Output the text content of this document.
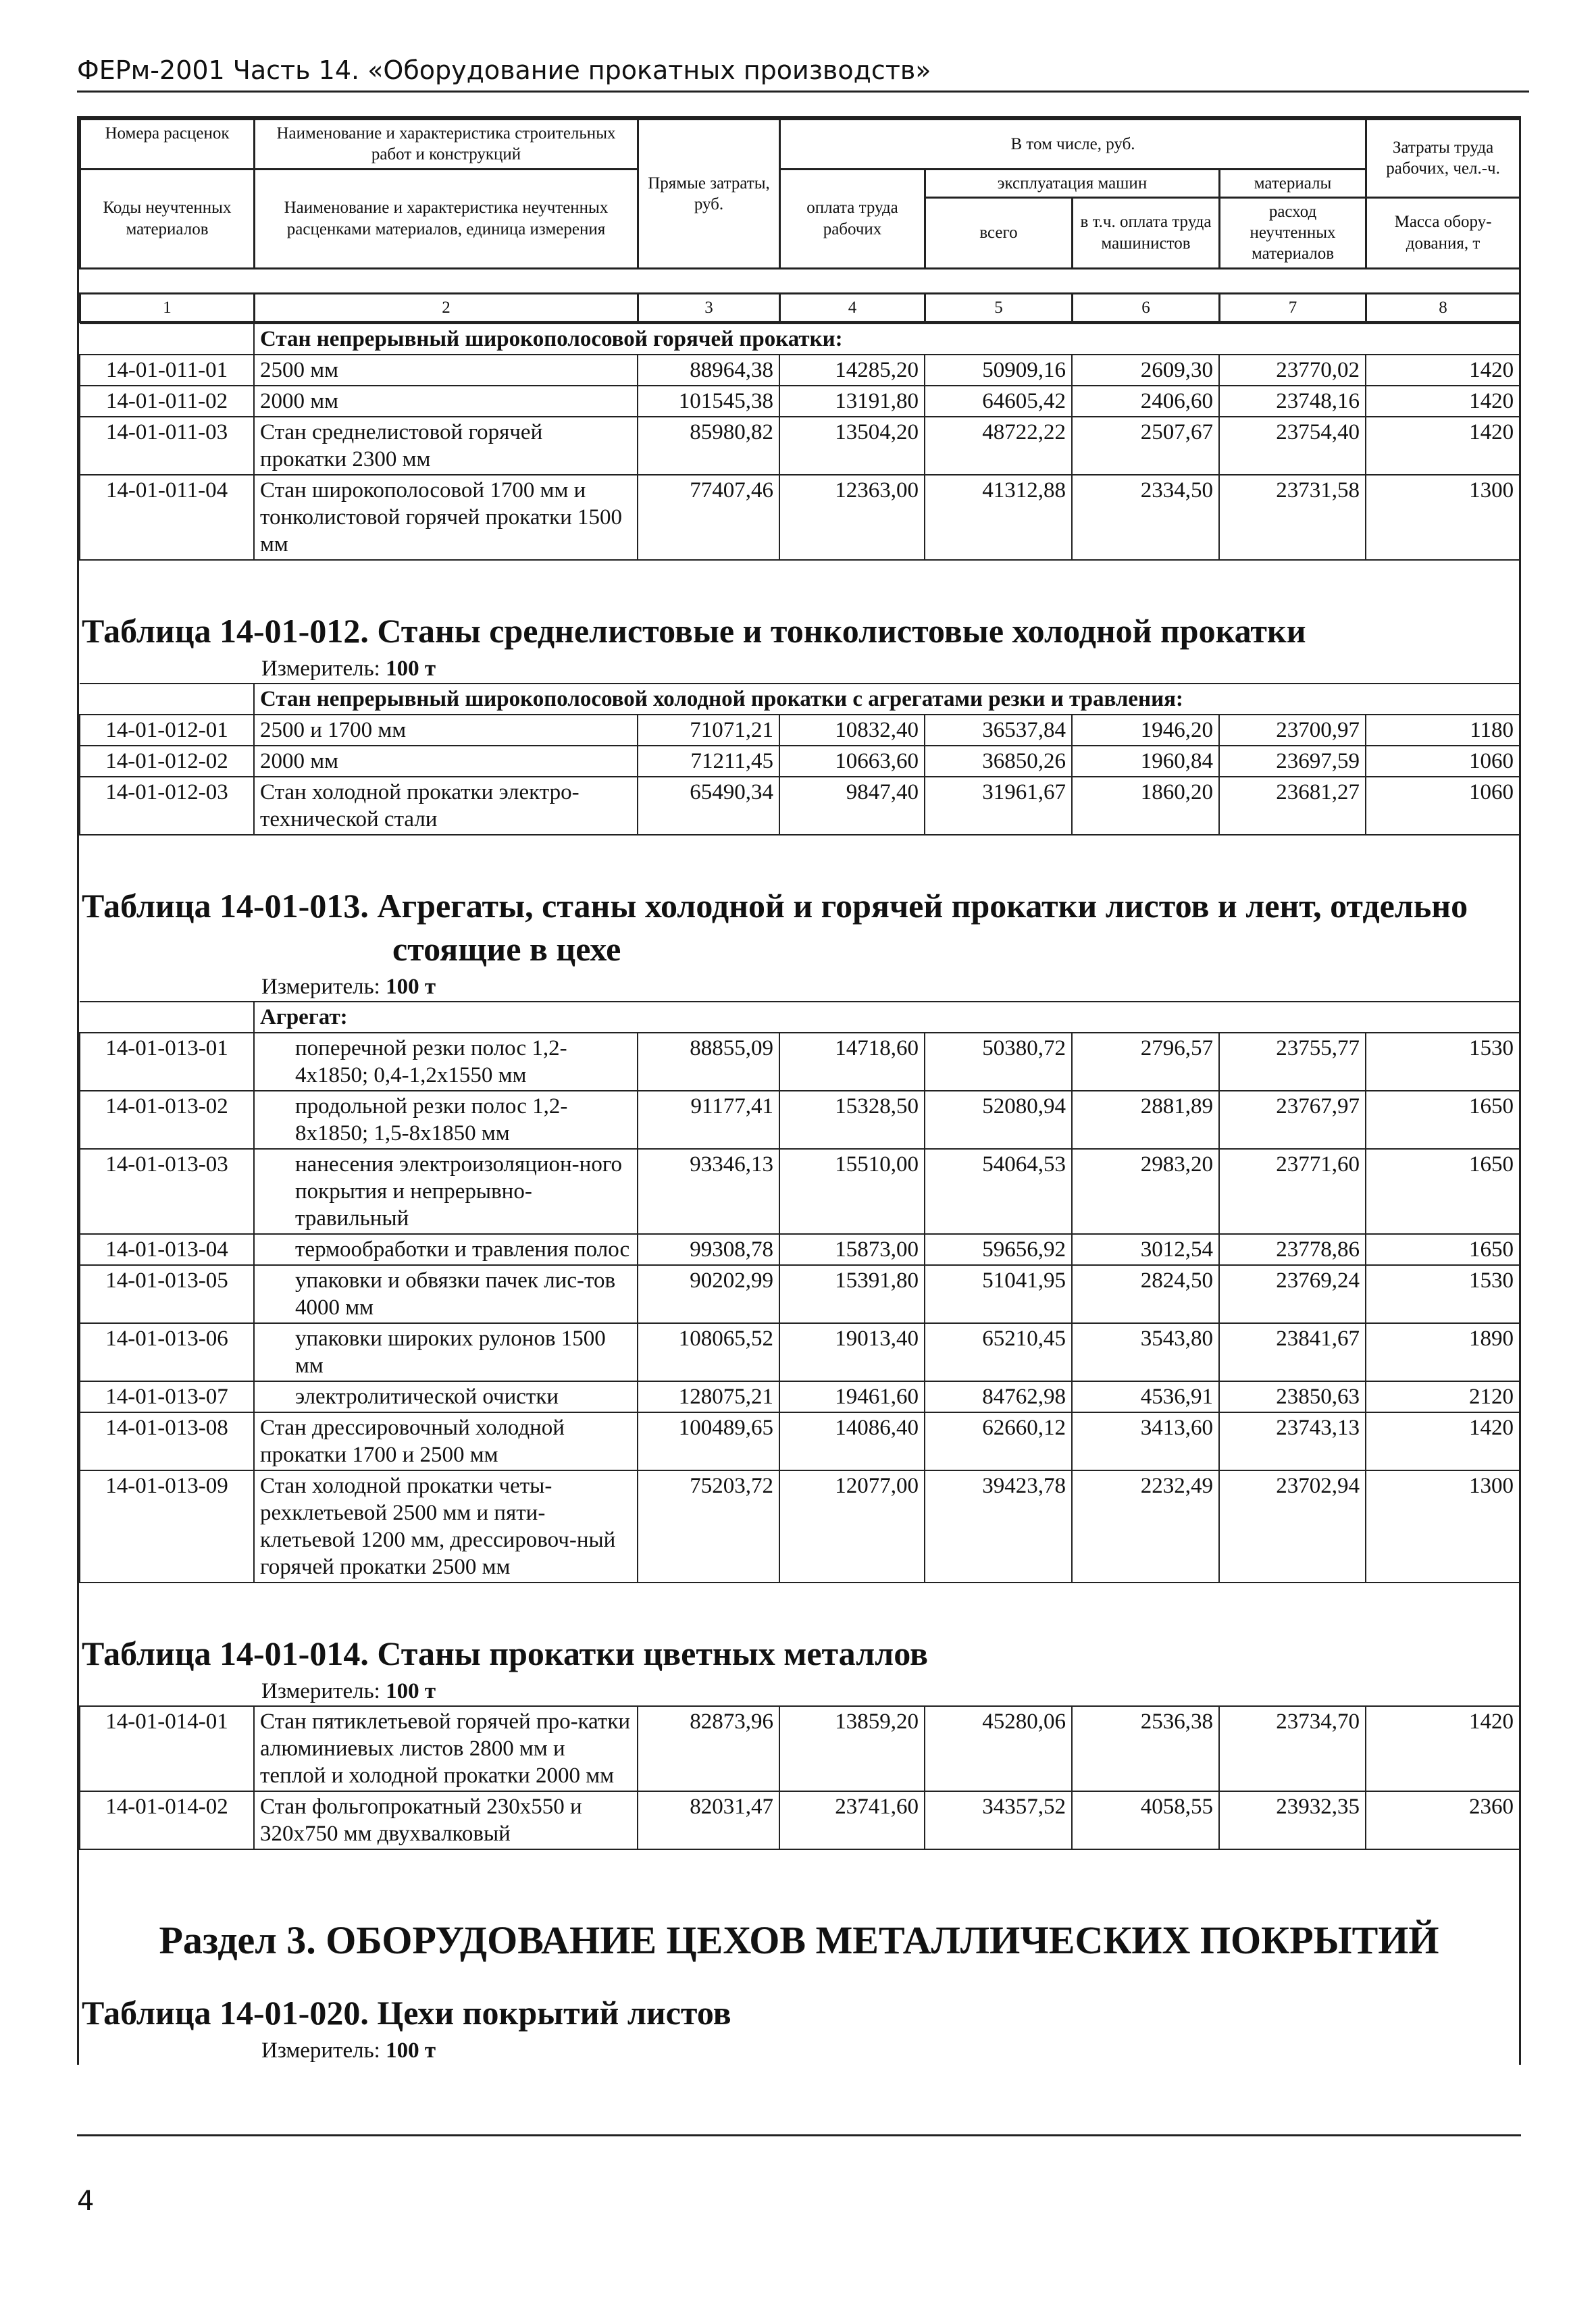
ФЕРм-2001 Часть 14. «Оборудование прокатных производств»
Номера расценок	Наименование и характеристика строительных работ и конструкций	Прямые затраты, руб.	В том числе, руб.				Затраты труда рабочих, чел.-ч.
Коды неучтенных материалов	Наименование и характеристика неучтенных расценками материалов, единица измерения		оплата труда рабочих	эксплуатация машин		материалы	
				всего	в т.ч. оплата труда машинистов	расход неучтенных материалов	Масса обору-дования, т

1	2	3	4	5	6	7	8
	Стан непрерывный широкополосовой горячей прокатки:						
14-01-011-01	2500 мм	88964,38	14285,20	50909,16	2609,30	23770,02	1420
14-01-011-02	2000 мм	101545,38	13191,80	64605,42	2406,60	23748,16	1420
14-01-011-03	Стан среднелистовой горячей прокатки 2300 мм	85980,82	13504,20	48722,22	2507,67	23754,40	1420
14-01-011-04	Стан широкополосовой 1700 мм и тонколистовой горячей прокатки 1500 мм	77407,46	12363,00	41312,88	2334,50	23731,58	1300
Таблица 14-01-012. Станы среднелистовые и тонколистовые холодной прокатки
Измеритель: 100 т
	Стан непрерывный широкополосовой холодной прокатки с агрегатами резки и травления:						
14-01-012-01	2500 и 1700 мм	71071,21	10832,40	36537,84	1946,20	23700,97	1180
14-01-012-02	2000 мм	71211,45	10663,60	36850,26	1960,84	23697,59	1060
14-01-012-03	Стан холодной прокатки электро-технической стали	65490,34	9847,40	31961,67	1860,20	23681,27	1060
Таблица 14-01-013. Агрегаты, станы холодной и горячей прокатки листов и лент, отдельно
стоящие в цехе
Измеритель: 100 т
	Агрегат:						
14-01-013-01	поперечной резки полос 1,2-4х1850; 0,4-1,2х1550 мм	88855,09	14718,60	50380,72	2796,57	23755,77	1530
14-01-013-02	продольной резки полос 1,2-8х1850; 1,5-8х1850 мм	91177,41	15328,50	52080,94	2881,89	23767,97	1650
14-01-013-03	нанесения электроизоляцион-ного покрытия и непрерывно-травильный	93346,13	15510,00	54064,53	2983,20	23771,60	1650
14-01-013-04	термообработки и травления полос	99308,78	15873,00	59656,92	3012,54	23778,86	1650
14-01-013-05	упаковки и обвязки пачек лис-тов 4000 мм	90202,99	15391,80	51041,95	2824,50	23769,24	1530
14-01-013-06	упаковки широких рулонов 1500 мм	108065,52	19013,40	65210,45	3543,80	23841,67	1890
14-01-013-07	электролитической очистки	128075,21	19461,60	84762,98	4536,91	23850,63	2120
14-01-013-08	Стан дрессировочный холодной прокатки 1700 и 2500 мм	100489,65	14086,40	62660,12	3413,60	23743,13	1420
14-01-013-09	Стан холодной прокатки четы-рехклетьевой 2500 мм и пяти-клетьевой 1200 мм, дрессировоч-ный горячей прокатки 2500 мм	75203,72	12077,00	39423,78	2232,49	23702,94	1300
Таблица 14-01-014. Станы прокатки цветных металлов
Измеритель: 100 т
14-01-014-01	Стан пятиклетьевой горячей про-катки алюминиевых листов 2800 мм и теплой и холодной прокатки 2000 мм	82873,96	13859,20	45280,06	2536,38	23734,70	1420
14-01-014-02	Стан фольгопрокатный 230х550 и 320х750 мм двухвалковый	82031,47	23741,60	34357,52	4058,55	23932,35	2360
Раздел 3. ОБОРУДОВАНИЕ ЦЕХОВ МЕТАЛЛИЧЕСКИХ ПОКРЫТИЙ
Таблица 14-01-020. Цехи покрытий листов
Измеритель: 100 т
4
